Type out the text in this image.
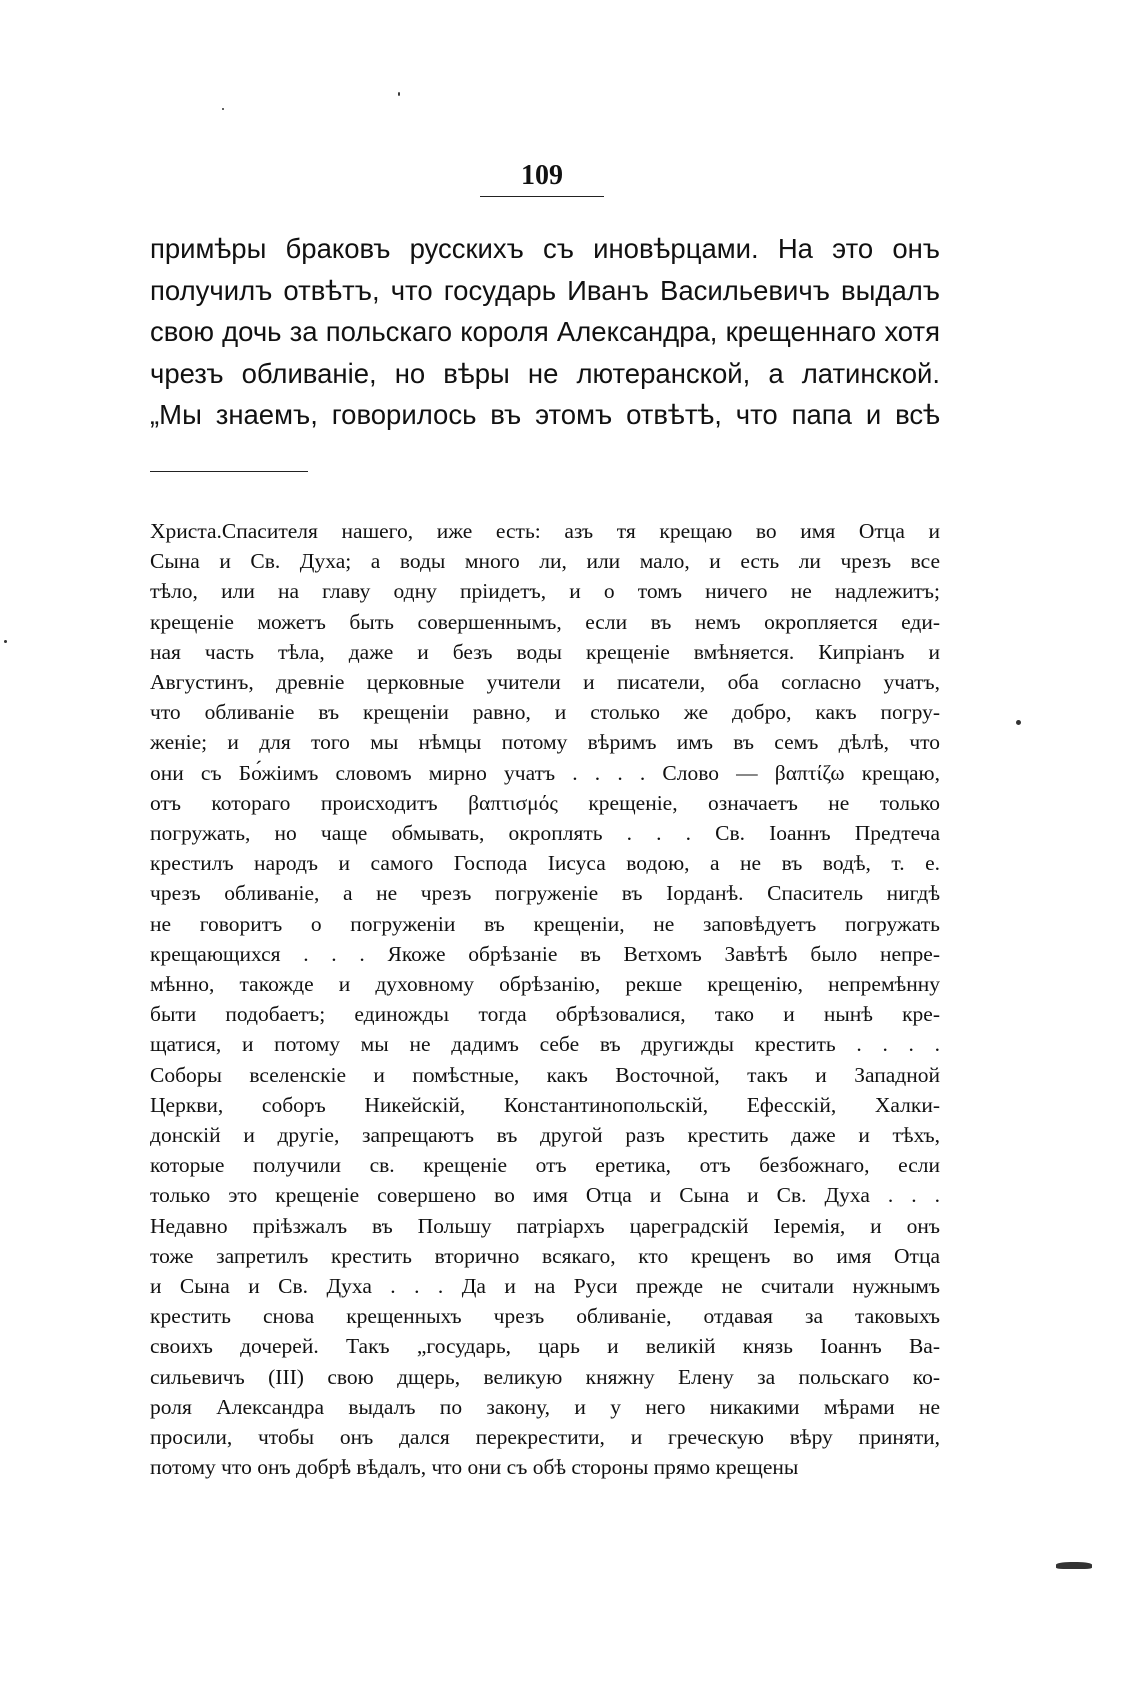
109
примѣры браковъ русскихъ съ иновѣрцами. На это онъ
получилъ отвѣтъ, что государь Иванъ Васильевичъ выдалъ
свою дочь за польскаго короля Александра, крещеннаго хотя
чрезъ обливаніе, но вѣры не лютеранской, а латинской.
„Мы знаемъ, говорилось въ этомъ отвѣтѣ, что папа и всѣ
Христа.Спасителя нашего, иже есть: азъ тя крещаю во имя Отца и
Сына и Св. Духа; а воды много ли, или мало, и есть ли чрезъ все
тѣло, или на главу одну пріидетъ, и о томъ ничего не надлежитъ;
крещеніе можетъ быть совершеннымъ, если въ немъ окропляется еди-
ная часть тѣла, даже и безъ воды крещеніе вмѣняется. Кипріанъ и
Августинъ, древніе церковные учители и писатели, оба согласно учатъ,
что обливаніе въ крещеніи равно, и столько же добро, какъ погру-
женіе; и для того мы нѣмцы потому вѣримъ имъ въ семъ дѣлѣ, что
они съ Бо́жіимъ словомъ мирно учатъ . . . . Слово — βαπτίζω крещаю,
отъ котораго происходитъ βαπτισμός крещеніе, означаетъ не только
погружать, но чаще обмывать, окроплять . . . Св. Іоаннъ Предтеча
крестилъ народъ и самого Господа Іисуса водою, а не въ водѣ, т. е.
чрезъ обливаніе, а не чрезъ погруженіе въ Іорданѣ. Спаситель нигдѣ
не говоритъ о погруженіи въ крещеніи, не заповѣдуетъ погружать
крещающихся . . . Якоже обрѣзаніе въ Ветхомъ Завѣтѣ было непре-
мѣнно, такожде и духовному обрѣзанію, рекше крещенію, непремѣнну
быти подобаетъ; единождьı тогда обрѣзовалися, тако и нынѣ кре-
щатися, и потому мы не дадимъ себе въ другижды крестить . . . .
Соборы вселенскіе и помѣстные, какъ Восточной, такъ и Западной
Церкви, соборъ Никейскій, Константинопольскій, Ефесскій, Халки-
донскій и другіе, запрещаютъ въ другой разъ крестить даже и тѣхъ,
которые получили св. крещеніе отъ еретика, отъ безбожнаго, если
только это крещеніе совершено во имя Отца и Сына и Св. Духа . . .
Недавно пріѣзжалъ въ Польшу патріархъ цареградскій Іеремія, и онъ
тоже запретилъ крестить вторично всякаго, кто крещенъ во имя Отца
и Сына и Св. Духа . . . Да и на Руси прежде не считали нужнымъ
крестить снова крещенныхъ чрезъ обливаніе, отдавая за таковыхъ
своихъ дочерей. Такъ „государь, царь и великій князь Іоаннъ Ва-
сильевичъ (III) свою дщерь, великую княжну Елену за польскаго ко-
роля Александра выдалъ по закону, и у него никакими мѣрами не
просили, чтобы онъ дался перекрестити, и греческую вѣру приняти,
потому что онъ добрѣ вѣдалъ, что они съ обѣ стороны прямо крещены
